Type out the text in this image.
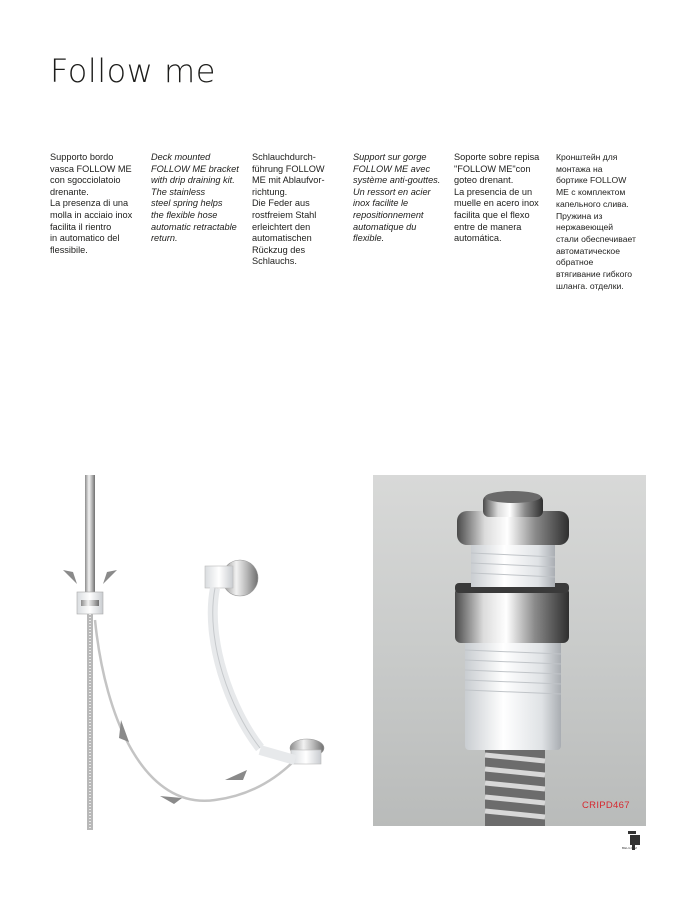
Follow me
Supporto bordo
vasca FOLLOW ME
con sgocciolatoio
drenante.
La presenza di una
molla in acciaio inox
facilita il rientro
in automatico del
flessibile.
Deck mounted
FOLLOW ME bracket
with drip draining kit.
The stainless
steel spring helps
the flexible hose
automatic retractable
return.
Schlauchdurch-
führung FOLLOW
ME mit Ablaufvor-
richtung.
Die Feder aus
rostfreiem Stahl
erleichtert den
automatischen
Rückzug des
Schlauchs.
Support sur gorge
FOLLOW ME avec
système anti-gouttes.
Un ressort en acier
inox facilite le
repositionnement
automatique du
flexible.
Soporte sobre repisa
"FOLLOW ME"con
goteo drenant.
La presencia de un
muelle en acero inox
facilita que el flexo
entre de manera
automática.
Кронштейн для
монтажа на
бортике FOLLOW
ME с комплектом
капельного слива.
Пружина из
нержавеющей
стали обеспечивает
автоматическое
обратное
втягивание гибкого
шланга. отделки.
CRIPD467
BELGIUM
